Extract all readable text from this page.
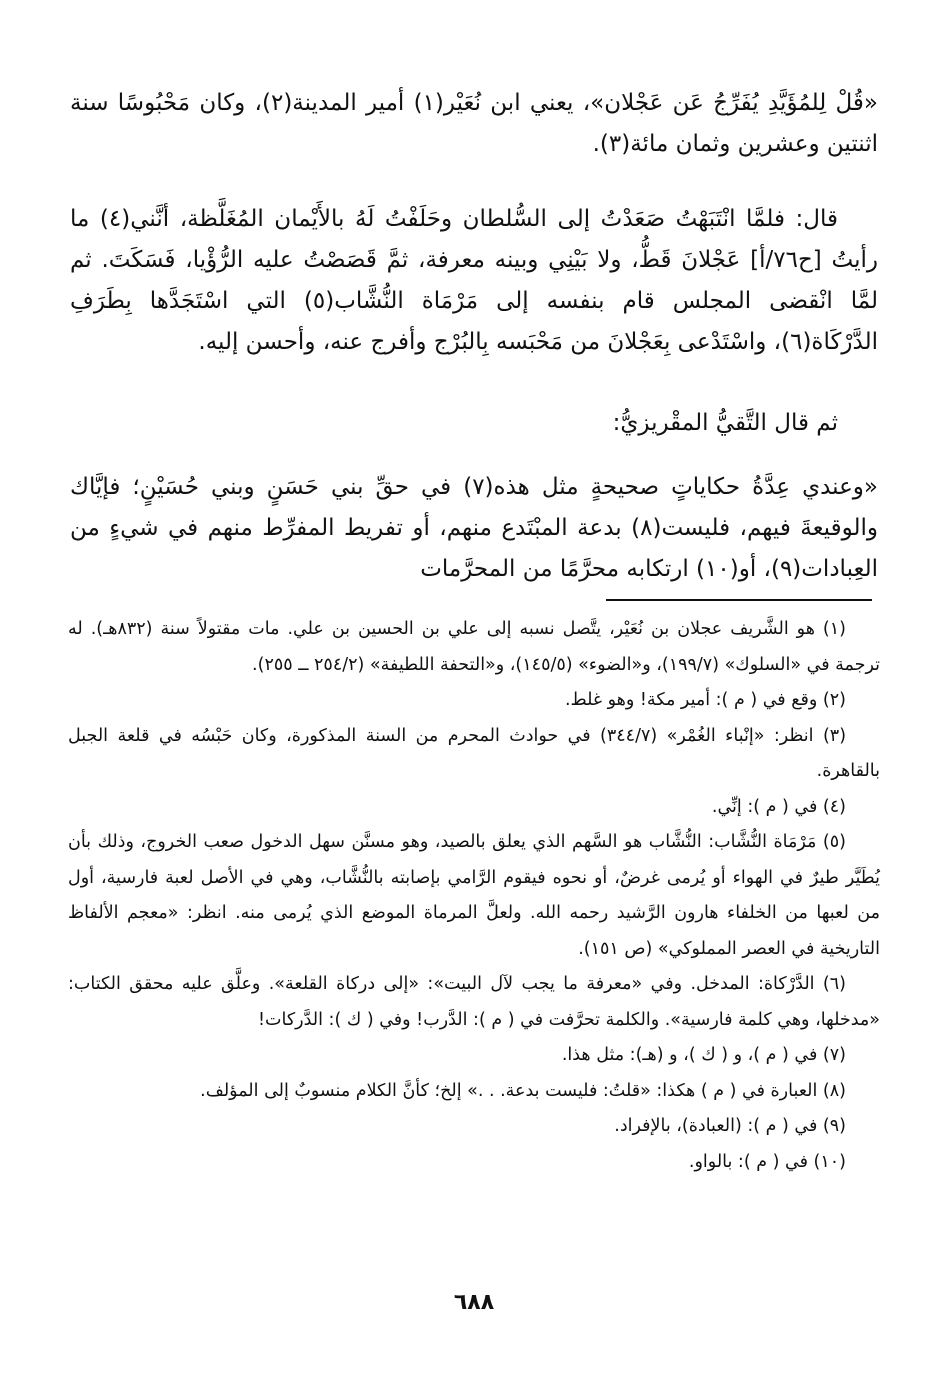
«قُلْ لِلمُؤَيَّدِ يُفَرِّجُ عَن عَجْلان»، يعني ابن نُعَيْر(١) أمير المدينة(٢)، وكان مَحْبُوسًا سنة اثنتين وعشرين وثمان مائة(٣).

قال: فلمَّا انْتَبَهْتُ صَعَدْتُ إلى السُّلطان وحَلَفْتُ لَهُ بالأَيْمان المُغَلَّظة، أنَّني(٤) ما رأيتُ [ح٧٦/أ] عَجْلانَ قَطُّ، ولا بَيْنِي وبينه معرفة، ثمَّ قَصَصْتُ عليه الرُّؤْيا، فَسَكَتَ. ثم لمَّا انْقضى المجلس قام بنفسه إلى مَرْمَاة النُّشَّاب(٥) التي اسْتَجَدَّها بِطَرَفِ الدَّرْكَاة(٦)، واسْتَدْعى بِعَجْلانَ من مَحْبَسه بِالبُرْج وأفرج عنه، وأحسن إليه.

ثم قال التَّقيُّ المقْريزيُّ:

«وعندي عِدَّةُ حكاياتٍ صحيحةٍ مثل هذه(٧) في حقِّ بني حَسَنٍ وبني حُسَيْنٍ؛ فإيَّاك والوقيعةَ فيهم، فليست(٨) بدعة المبْتَدع منهم، أو تفريط المفرِّط منهم في شيءٍ من العِبادات(٩)، أو(١٠) ارتكابه محرَّمًا من المحرَّمات

(١) هو الشَّريف عجلان بن نُعَيْر، يتَّصل نسبه إلى علي بن الحسين بن علي. مات مقتولاً سنة (٨٣٢هـ). له ترجمة في «السلوك» (١٩٩/٧)، و«الضوء» (١٤٥/٥)، و«التحفة اللطيفة» (٢٥٤/٢ ــ ٢٥٥).

(٢) وقع في ( م ): أمير مكة! وهو غلط.

(٣) انظر: «إنْباء الغُمْر» (٣٤٤/٧) في حوادث المحرم من السنة المذكورة، وكان حَبْسُه في قلعة الجبل بالقاهرة.

(٤) في ( م ): إنِّي.

(٥) مَرْمَاة النُّشَّاب: النُّشَّاب هو السَّهم الذي يعلق بالصيد، وهو مسنَّن سهل الدخول صعب الخروج، وذلك بأن يُطَيَّر طيرٌ في الهواء أو يُرمى غرضٌ، أو نحوه فيقوم الرَّامي بإصابته بالنُّشَّاب، وهي في الأصل لعبة فارسية، أول من لعبها من الخلفاء هارون الرَّشيد رحمه الله. ولعلَّ المرماة الموضع الذي يُرمى منه. انظر: «معجم الألفاظ التاريخية في العصر المملوكي» (ص ١٥١).

(٦) الدَّرْكاة: المدخل. وفي «معرفة ما يجب لآل البيت»: «إلى دركاة القلعة». وعلَّق عليه محقق الكتاب: «مدخلها، وهي كلمة فارسية». والكلمة تحرَّفت في ( م ): الدَّرب! وفي ( ك ): الدَّركات!

(٧) في ( م )، و ( ك )، و (هـ): مثل هذا.

(٨) العبارة في ( م ) هكذا: «قلتُ: فليست بدعة. . .» إلخ؛ كأنَّ الكلام منسوبٌ إلى المؤلف.

(٩) في ( م ): (العبادة)، بالإفراد.

(١٠) في ( م ): بالواو.

٦٨٨
